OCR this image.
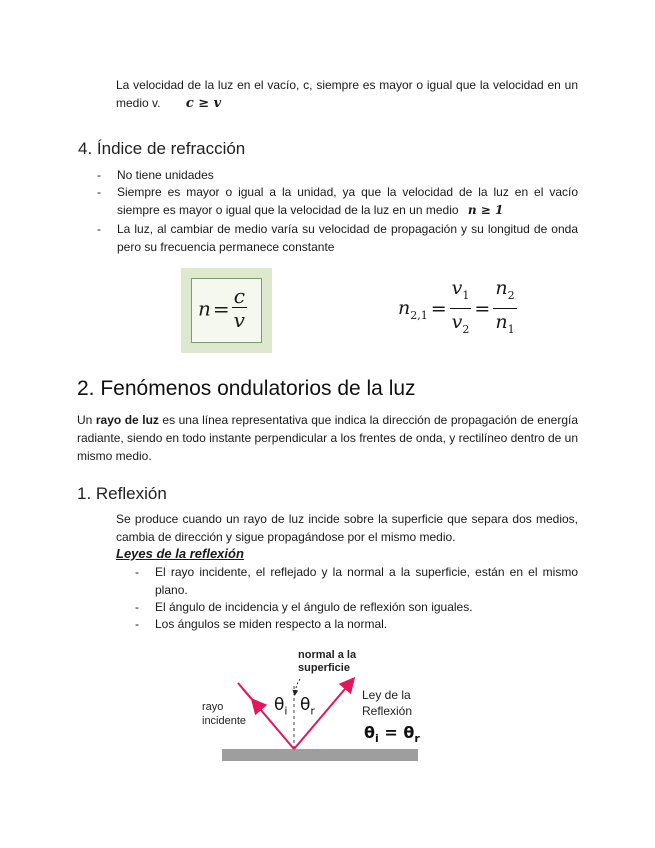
La velocidad de la luz en el vacío, c, siempre es mayor o igual que la velocidad en un medio v. c ≥ v
4. Índice de refracción
- No tiene unidades
- Siempre es mayor o igual a la unidad, ya que la velocidad de la luz en el vacío siempre es mayor o igual que la velocidad de la luz en un medio n ≥ 1
- La luz, al cambiar de medio varía su velocidad de propagación y su longitud de onda pero su frecuencia permanece constante
$n = \frac{c}{v}$	$n_{2,1} = \frac{v_1}{v_2} = \frac{n_2}{n_1}$
2. Fenómenos ondulatorios de la luz
Un rayo de luz es una línea representativa que indica la dirección de propagación de energía radiante, siendo en todo instante perpendicular a los frentes de onda, y rectilíneo dentro de un mismo medio.
1. Reflexión
Se produce cuando un rayo de luz incide sobre la superficie que separa dos medios, cambia de dirección y sigue propagándose por el mismo medio.
Leyes de la reflexión
- El rayo incidente, el reflejado y la normal a la superficie, están en el mismo plano.
- El ángulo de incidencia y el ángulo de reflexión son iguales.
- Los ángulos se miden respecto a la normal.
normal a la
superficie
rayo
incidente
$\theta_i$ $\theta_r$
Ley de la
Reflexión
$\theta_i = \theta_r$
